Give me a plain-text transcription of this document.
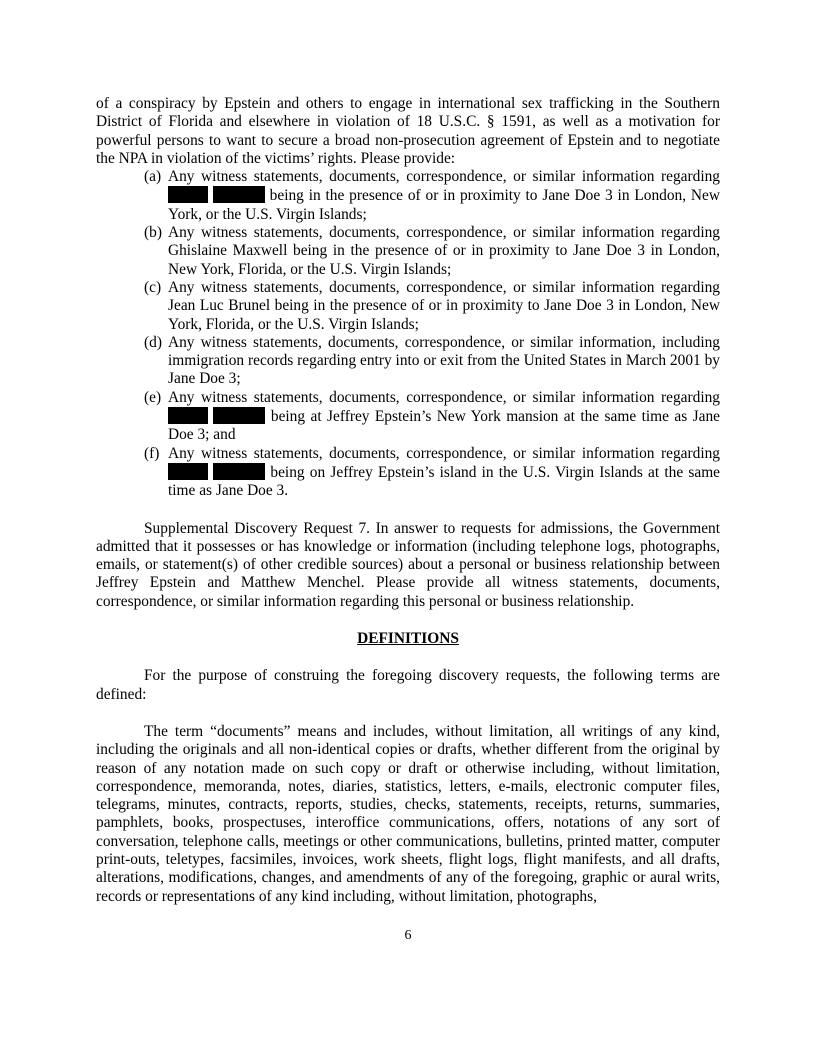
of a conspiracy by Epstein and others to engage in international sex trafficking in the Southern District of Florida and elsewhere in violation of 18 U.S.C. § 1591, as well as a motivation for powerful persons to want to secure a broad non-prosecution agreement of Epstein and to negotiate the NPA in violation of the victims’ rights. Please provide:

(a) Any witness statements, documents, correspondence, or similar information regarding   being in the presence of or in proximity to Jane Doe 3 in London, New York, or the U.S. Virgin Islands;
(b) Any witness statements, documents, correspondence, or similar information regarding Ghislaine Maxwell being in the presence of or in proximity to Jane Doe 3 in London, New York, Florida, or the U.S. Virgin Islands;
(c) Any witness statements, documents, correspondence, or similar information regarding Jean Luc Brunel being in the presence of or in proximity to Jane Doe 3 in London, New York, Florida, or the U.S. Virgin Islands;
(d) Any witness statements, documents, correspondence, or similar information, including immigration records regarding entry into or exit from the United States in March 2001 by Jane Doe 3;
(e) Any witness statements, documents, correspondence, or similar information regarding   being at Jeffrey Epstein’s New York mansion at the same time as Jane Doe 3; and
(f) Any witness statements, documents, correspondence, or similar information regarding   being on Jeffrey Epstein’s island in the U.S. Virgin Islands at the same time as Jane Doe 3.

Supplemental Discovery Request 7. In answer to requests for admissions, the Government admitted that it possesses or has knowledge or information (including telephone logs, photographs, emails, or statement(s) of other credible sources) about a personal or business relationship between Jeffrey Epstein and Matthew Menchel. Please provide all witness statements, documents, correspondence, or similar information regarding this personal or business relationship.

DEFINITIONS

For the purpose of construing the foregoing discovery requests, the following terms are defined:

The term “documents” means and includes, without limitation, all writings of any kind, including the originals and all non-identical copies or drafts, whether different from the original by reason of any notation made on such copy or draft or otherwise including, without limitation, correspondence, memoranda, notes, diaries, statistics, letters, e-mails, electronic computer files, telegrams, minutes, contracts, reports, studies, checks, statements, receipts, returns, summaries, pamphlets, books, prospectuses, interoffice communications, offers, notations of any sort of conversation, telephone calls, meetings or other communications, bulletins, printed matter, computer print-outs, teletypes, facsimiles, invoices, work sheets, flight logs, flight manifests, and all drafts, alterations, modifications, changes, and amendments of any of the foregoing, graphic or aural writs, records or representations of any kind including, without limitation, photographs,

6
